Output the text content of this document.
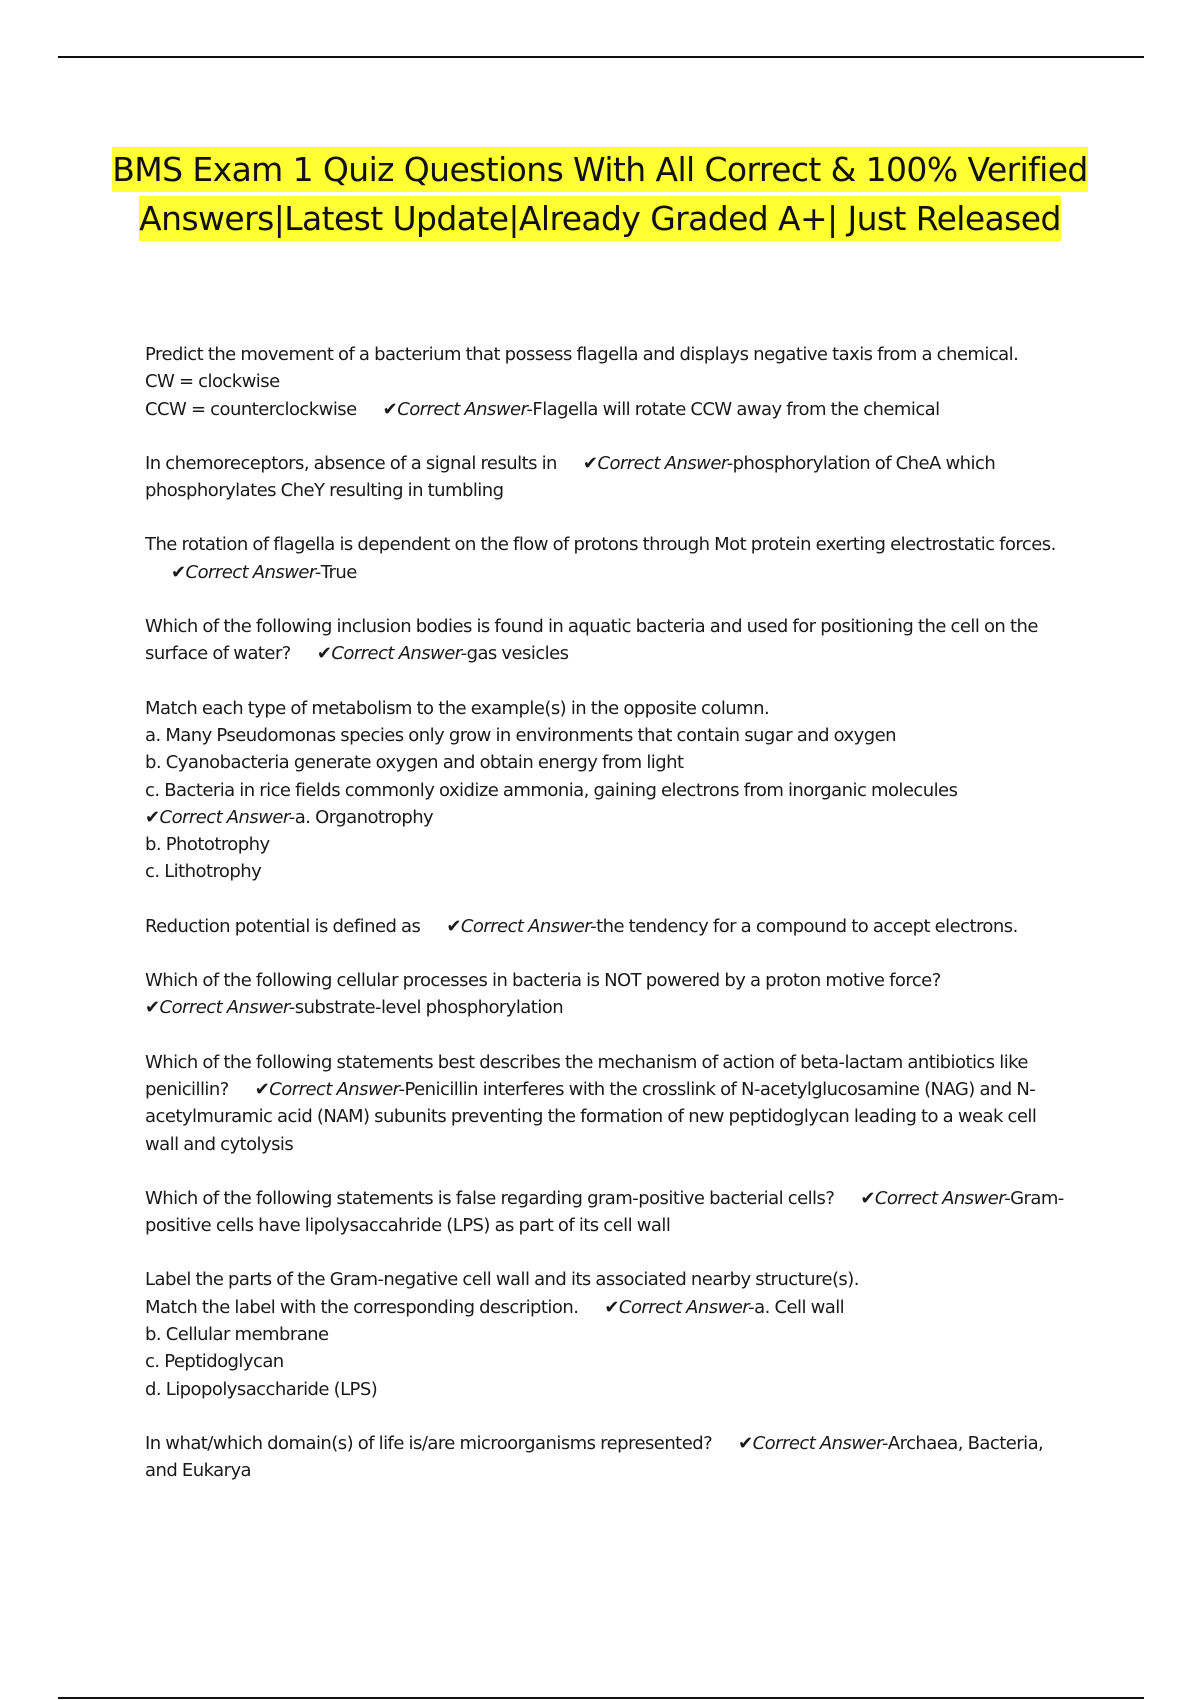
BMS Exam 1 Quiz Questions With All Correct & 100% Verified Answers|Latest Update|Already Graded A+| Just Released
Predict the movement of a bacterium that possess flagella and displays negative taxis from a chemical.
CW = clockwise
CCW = counterclockwise ✔Correct Answer-Flagella will rotate CCW away from the chemical
In chemoreceptors, absence of a signal results in ✔Correct Answer-phosphorylation of CheA which phosphorylates CheY resulting in tumbling
The rotation of flagella is dependent on the flow of protons through Mot protein exerting electrostatic forces.✔Correct Answer-True
Which of the following inclusion bodies is found in aquatic bacteria and used for positioning the cell on the surface of water? ✔Correct Answer-gas vesicles
Match each type of metabolism to the example(s) in the opposite column.
a. Many Pseudomonas species only grow in environments that contain sugar and oxygen
b. Cyanobacteria generate oxygen and obtain energy from light
c. Bacteria in rice fields commonly oxidize ammonia, gaining electrons from inorganic molecules
✔Correct Answer-a. Organotrophy
b. Phototrophy
c. Lithotrophy
Reduction potential is defined as ✔Correct Answer-the tendency for a compound to accept electrons.
Which of the following cellular processes in bacteria is NOT powered by a proton motive force?
✔Correct Answer-substrate-level phosphorylation
Which of the following statements best describes the mechanism of action of beta-lactam antibiotics like penicillin? ✔Correct Answer-Penicillin interferes with the crosslink of N-acetylglucosamine (NAG) and N-acetylmuramic acid (NAM) subunits preventing the formation of new peptidoglycan leading to a weak cell wall and cytolysis
Which of the following statements is false regarding gram-positive bacterial cells? ✔Correct Answer-Gram-positive cells have lipolysaccahride (LPS) as part of its cell wall
Label the parts of the Gram-negative cell wall and its associated nearby structure(s).
Match the label with the corresponding description. ✔Correct Answer-a. Cell wall
b. Cellular membrane
c. Peptidoglycan
d. Lipopolysaccharide (LPS)
In what/which domain(s) of life is/are microorganisms represented? ✔Correct Answer-Archaea, Bacteria, and Eukarya
